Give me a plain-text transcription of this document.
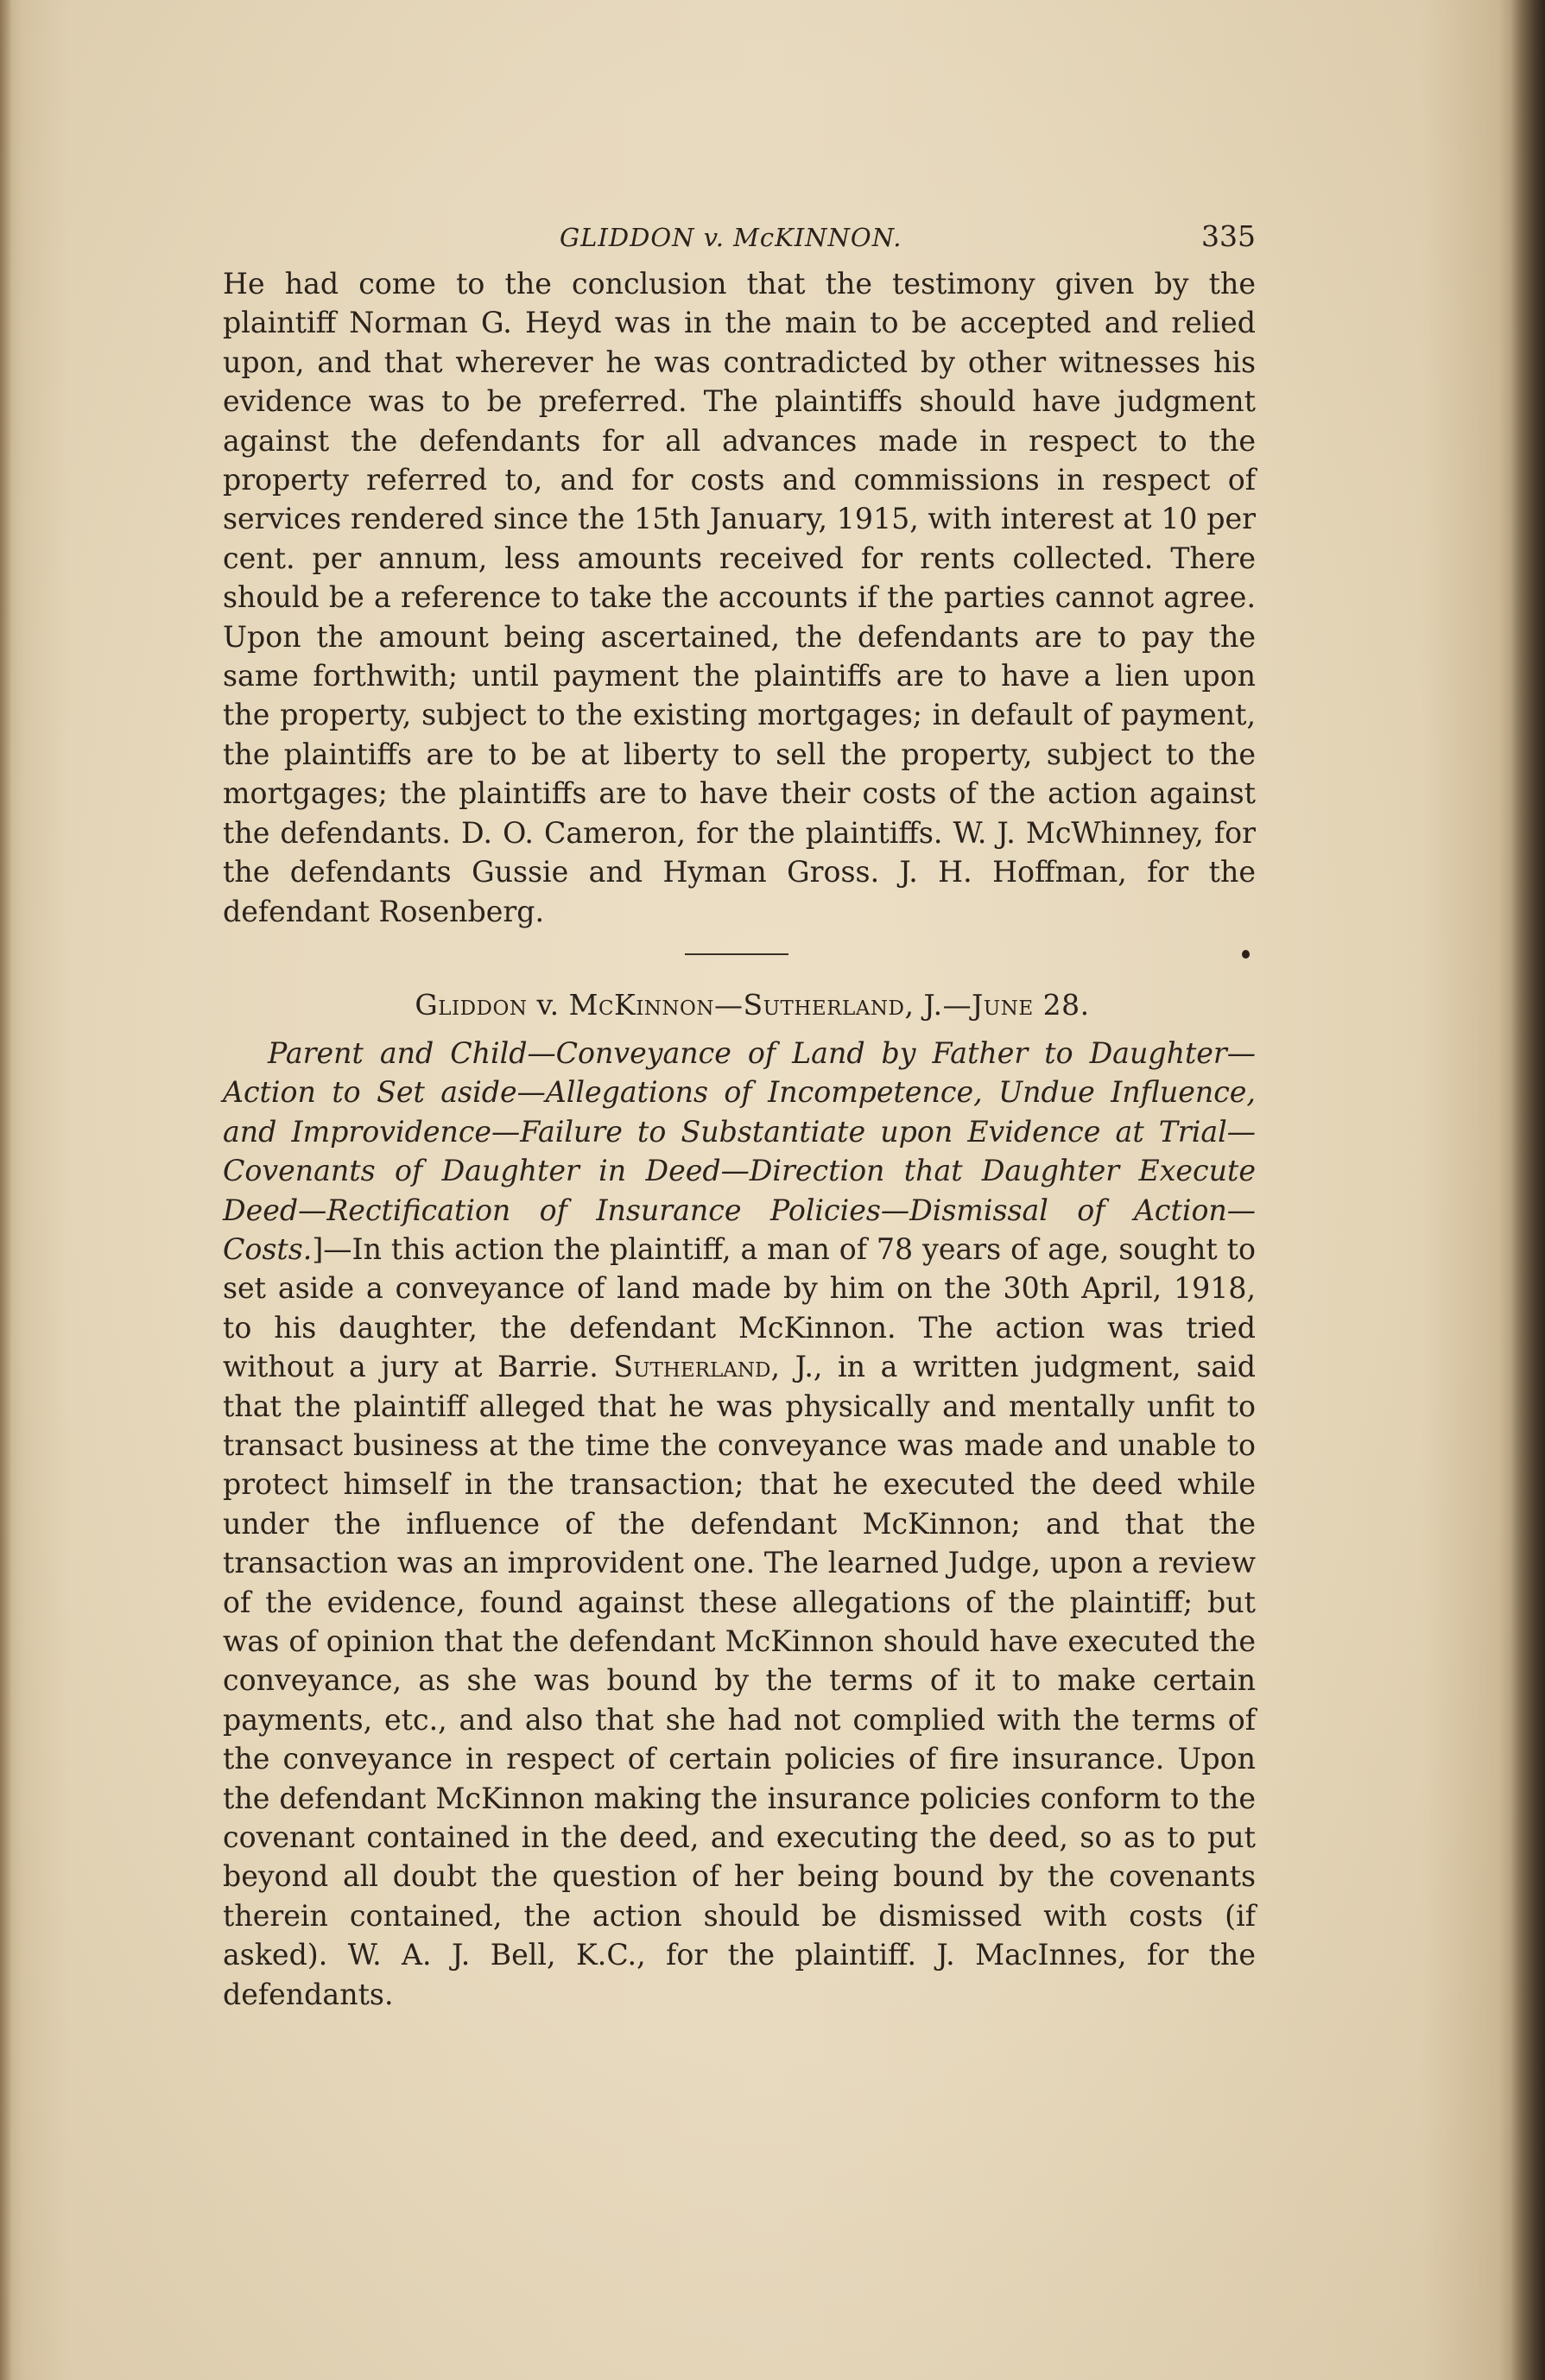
GLIDDON v. McKINNON.	335

He had come to the conclusion that the testimony given by the plaintiff Norman G. Heyd was in the main to be accepted and relied upon, and that wherever he was contradicted by other witnesses his evidence was to be preferred. The plaintiffs should have judgment against the defendants for all advances made in respect to the property referred to, and for costs and commissions in respect of services rendered since the 15th January, 1915, with interest at 10 per cent. per annum, less amounts received for rents collected. There should be a reference to take the accounts if the parties cannot agree. Upon the amount being ascertained, the defendants are to pay the same forthwith; until payment the plaintiffs are to have a lien upon the property, subject to the existing mortgages; in default of payment, the plaintiffs are to be at liberty to sell the property, subject to the mortgages; the plaintiffs are to have their costs of the action against the defendants. D. O. Cameron, for the plaintiffs. W. J. McWhinney, for the defendants Gussie and Hyman Gross. J. H. Hoffman, for the defendant Rosenberg.

Gliddon v. McKinnon—Sutherland, J.—June 28.
Parent and Child—Conveyance of Land by Father to Daughter—Action to Set aside—Allegations of Incompetence, Undue Influence, and Improvidence—Failure to Substantiate upon Evidence at Trial—Covenants of Daughter in Deed—Direction that Daughter Execute Deed—Rectification of Insurance Policies—Dismissal of Action—Costs.]—In this action the plaintiff, a man of 78 years of age, sought to set aside a conveyance of land made by him on the 30th April, 1918, to his daughter, the defendant McKinnon. The action was tried without a jury at Barrie. Sutherland, J., in a written judgment, said that the plaintiff alleged that he was physically and mentally unfit to transact business at the time the conveyance was made and unable to protect himself in the transaction; that he executed the deed while under the influence of the defendant McKinnon; and that the transaction was an improvident one. The learned Judge, upon a review of the evidence, found against these allegations of the plaintiff; but was of opinion that the defendant McKinnon should have executed the conveyance, as she was bound by the terms of it to make certain payments, etc., and also that she had not complied with the terms of the conveyance in respect of certain policies of fire insurance. Upon the defendant McKinnon making the insurance policies conform to the covenant contained in the deed, and executing the deed, so as to put beyond all doubt the question of her being bound by the covenants therein contained, the action should be dismissed with costs (if asked). W. A. J. Bell, K.C., for the plaintiff. J. MacInnes, for the defendants.
